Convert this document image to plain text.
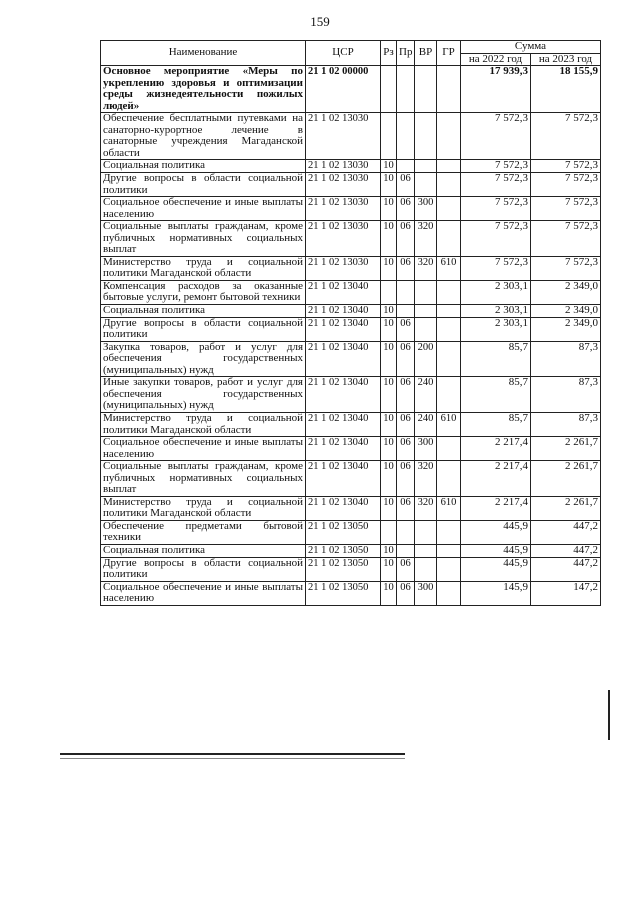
159
Наименование	ЦСР	Рз	Пр	ВР	ГР	Сумма	
						на 2022 год	на 2023 год
Основное мероприятие «Меры по укреплению здоровья и оптимизации среды жизнедеятельности пожилых людей»	21 1 02 00000					17 939,3	18 155,9
Обеспечение бесплатными путевками на санаторно-курортное лечение в санаторные учреждения Магаданской области	21 1 02 13030					7 572,3	7 572,3
Социальная политика	21 1 02 13030	10				7 572,3	7 572,3
Другие вопросы в области социальной политики	21 1 02 13030	10	06			7 572,3	7 572,3
Социальное обеспечение и иные выплаты населению	21 1 02 13030	10	06	300		7 572,3	7 572,3
Социальные выплаты гражданам, кроме публичных нормативных социальных выплат	21 1 02 13030	10	06	320		7 572,3	7 572,3
Министерство труда и социальной политики Магаданской области	21 1 02 13030	10	06	320	610	7 572,3	7 572,3
Компенсация расходов за оказанные бытовые услуги, ремонт бытовой техники	21 1 02 13040					2 303,1	2 349,0
Социальная политика	21 1 02 13040	10				2 303,1	2 349,0
Другие вопросы в области социальной политики	21 1 02 13040	10	06			2 303,1	2 349,0
Закупка товаров, работ и услуг для обеспечения государственных (муниципальных) нужд	21 1 02 13040	10	06	200		85,7	87,3
Иные закупки товаров, работ и услуг для обеспечения государственных (муниципальных) нужд	21 1 02 13040	10	06	240		85,7	87,3
Министерство труда и социальной политики Магаданской области	21 1 02 13040	10	06	240	610	85,7	87,3
Социальное обеспечение и иные выплаты населению	21 1 02 13040	10	06	300		2 217,4	2 261,7
Социальные выплаты гражданам, кроме публичных нормативных социальных выплат	21 1 02 13040	10	06	320		2 217,4	2 261,7
Министерство труда и социальной политики Магаданской области	21 1 02 13040	10	06	320	610	2 217,4	2 261,7
Обеспечение предметами бытовой техники	21 1 02 13050					445,9	447,2
Социальная политика	21 1 02 13050	10				445,9	447,2
Другие вопросы в области социальной политики	21 1 02 13050	10	06			445,9	447,2
Социальное обеспечение и иные выплаты населению	21 1 02 13050	10	06	300		145,9	147,2
